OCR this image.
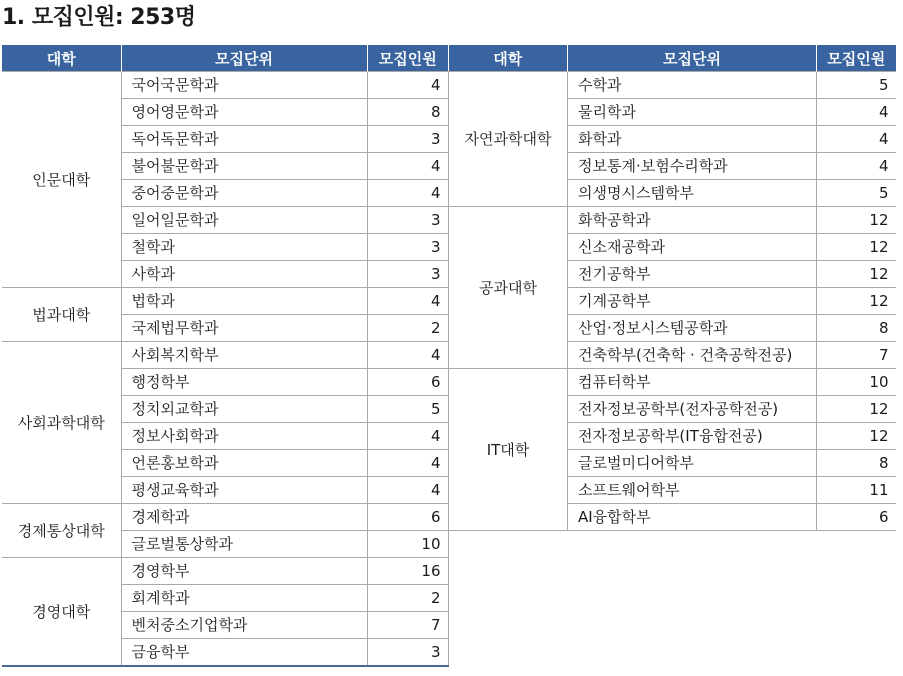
1. 모집인원: 253명
대학	모집단위	모집인원
인문대학	국어국문학과	4
	영어영문학과	8
	독어독문학과	3
	불어불문학과	4
	중어중문학과	4
	일어일문학과	3
	철학과	3
	사학과	3
법과대학	법학과	4
	국제법무학과	2
사회과학대학	사회복지학부	4
	행정학부	6
	정치외교학과	5
	정보사회학과	4
	언론홍보학과	4
	평생교육학과	4
경제통상대학	경제학과	6
	글로벌통상학과	10
경영대학	경영학부	16
	회계학과	2
	벤처중소기업학과	7
	금융학부	3
대학	모집단위	모집인원
자연과학대학	수학과	5
	물리학과	4
	화학과	4
	정보통계·보험수리학과	4
	의생명시스템학부	5
공과대학	화학공학과	12
	신소재공학과	12
	전기공학부	12
	기계공학부	12
	산업·정보시스템공학과	8
	건축학부(건축학 · 건축공학전공)	7
IT대학	컴퓨터학부	10
	전자정보공학부(전자공학전공)	12
	전자정보공학부(IT융합전공)	12
	글로벌미디어학부	8
	소프트웨어학부	11
	AI융합학부	6
